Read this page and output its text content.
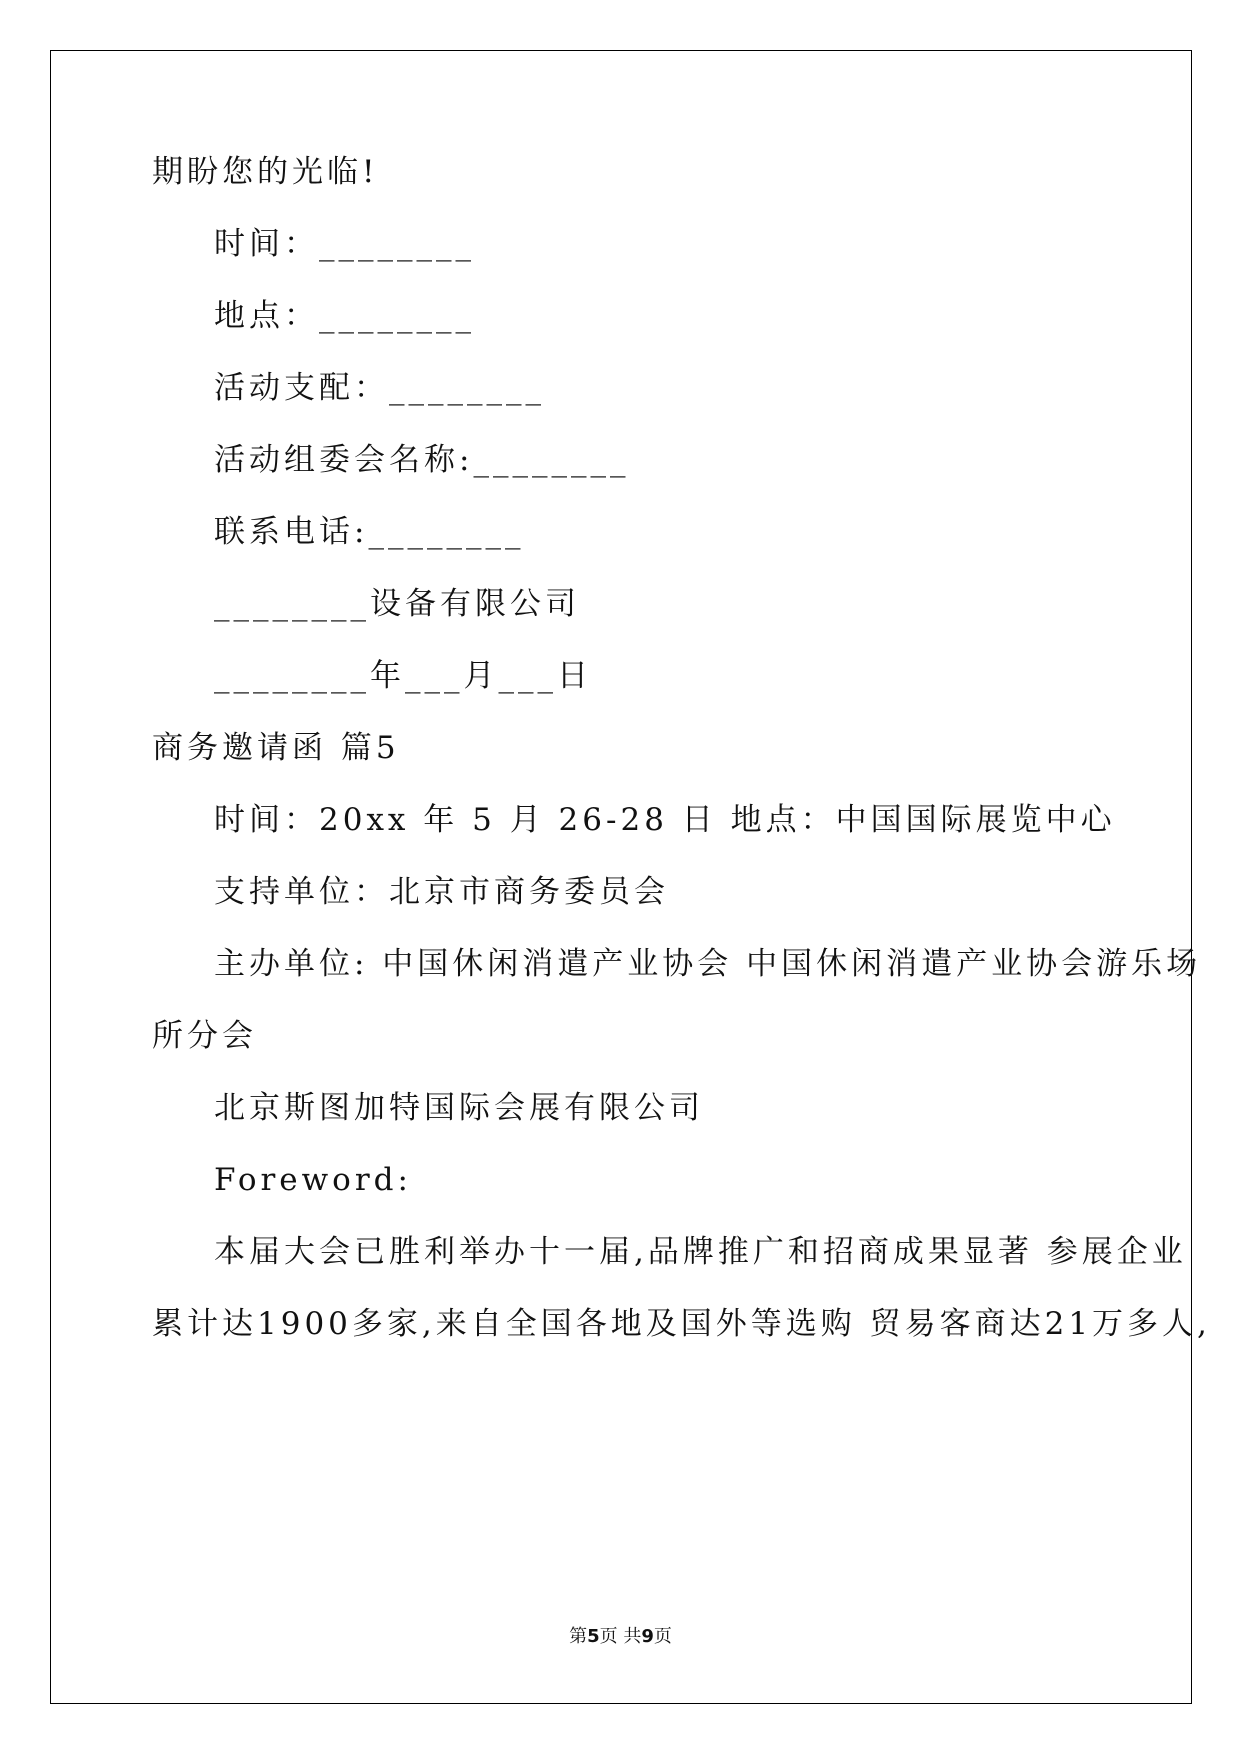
期盼您的光临!
时间：________
地点：________
活动支配：________
活动组委会名称:________
联系电话:________
________设备有限公司
________年___月___日
商务邀请函 篇5
时间：20xx 年 5 月 26-28 日 地点：中国国际展览中心
支持单位：北京市商务委员会
主办单位: 中国休闲消遣产业协会 中国休闲消遣产业协会游乐场
所分会
北京斯图加特国际会展有限公司
Foreword:
本届大会已胜利举办十一届,品牌推广和招商成果显著 参展企业
累计达1900多家,来自全国各地及国外等选购 贸易客商达21万多人,
第5页 共9页
